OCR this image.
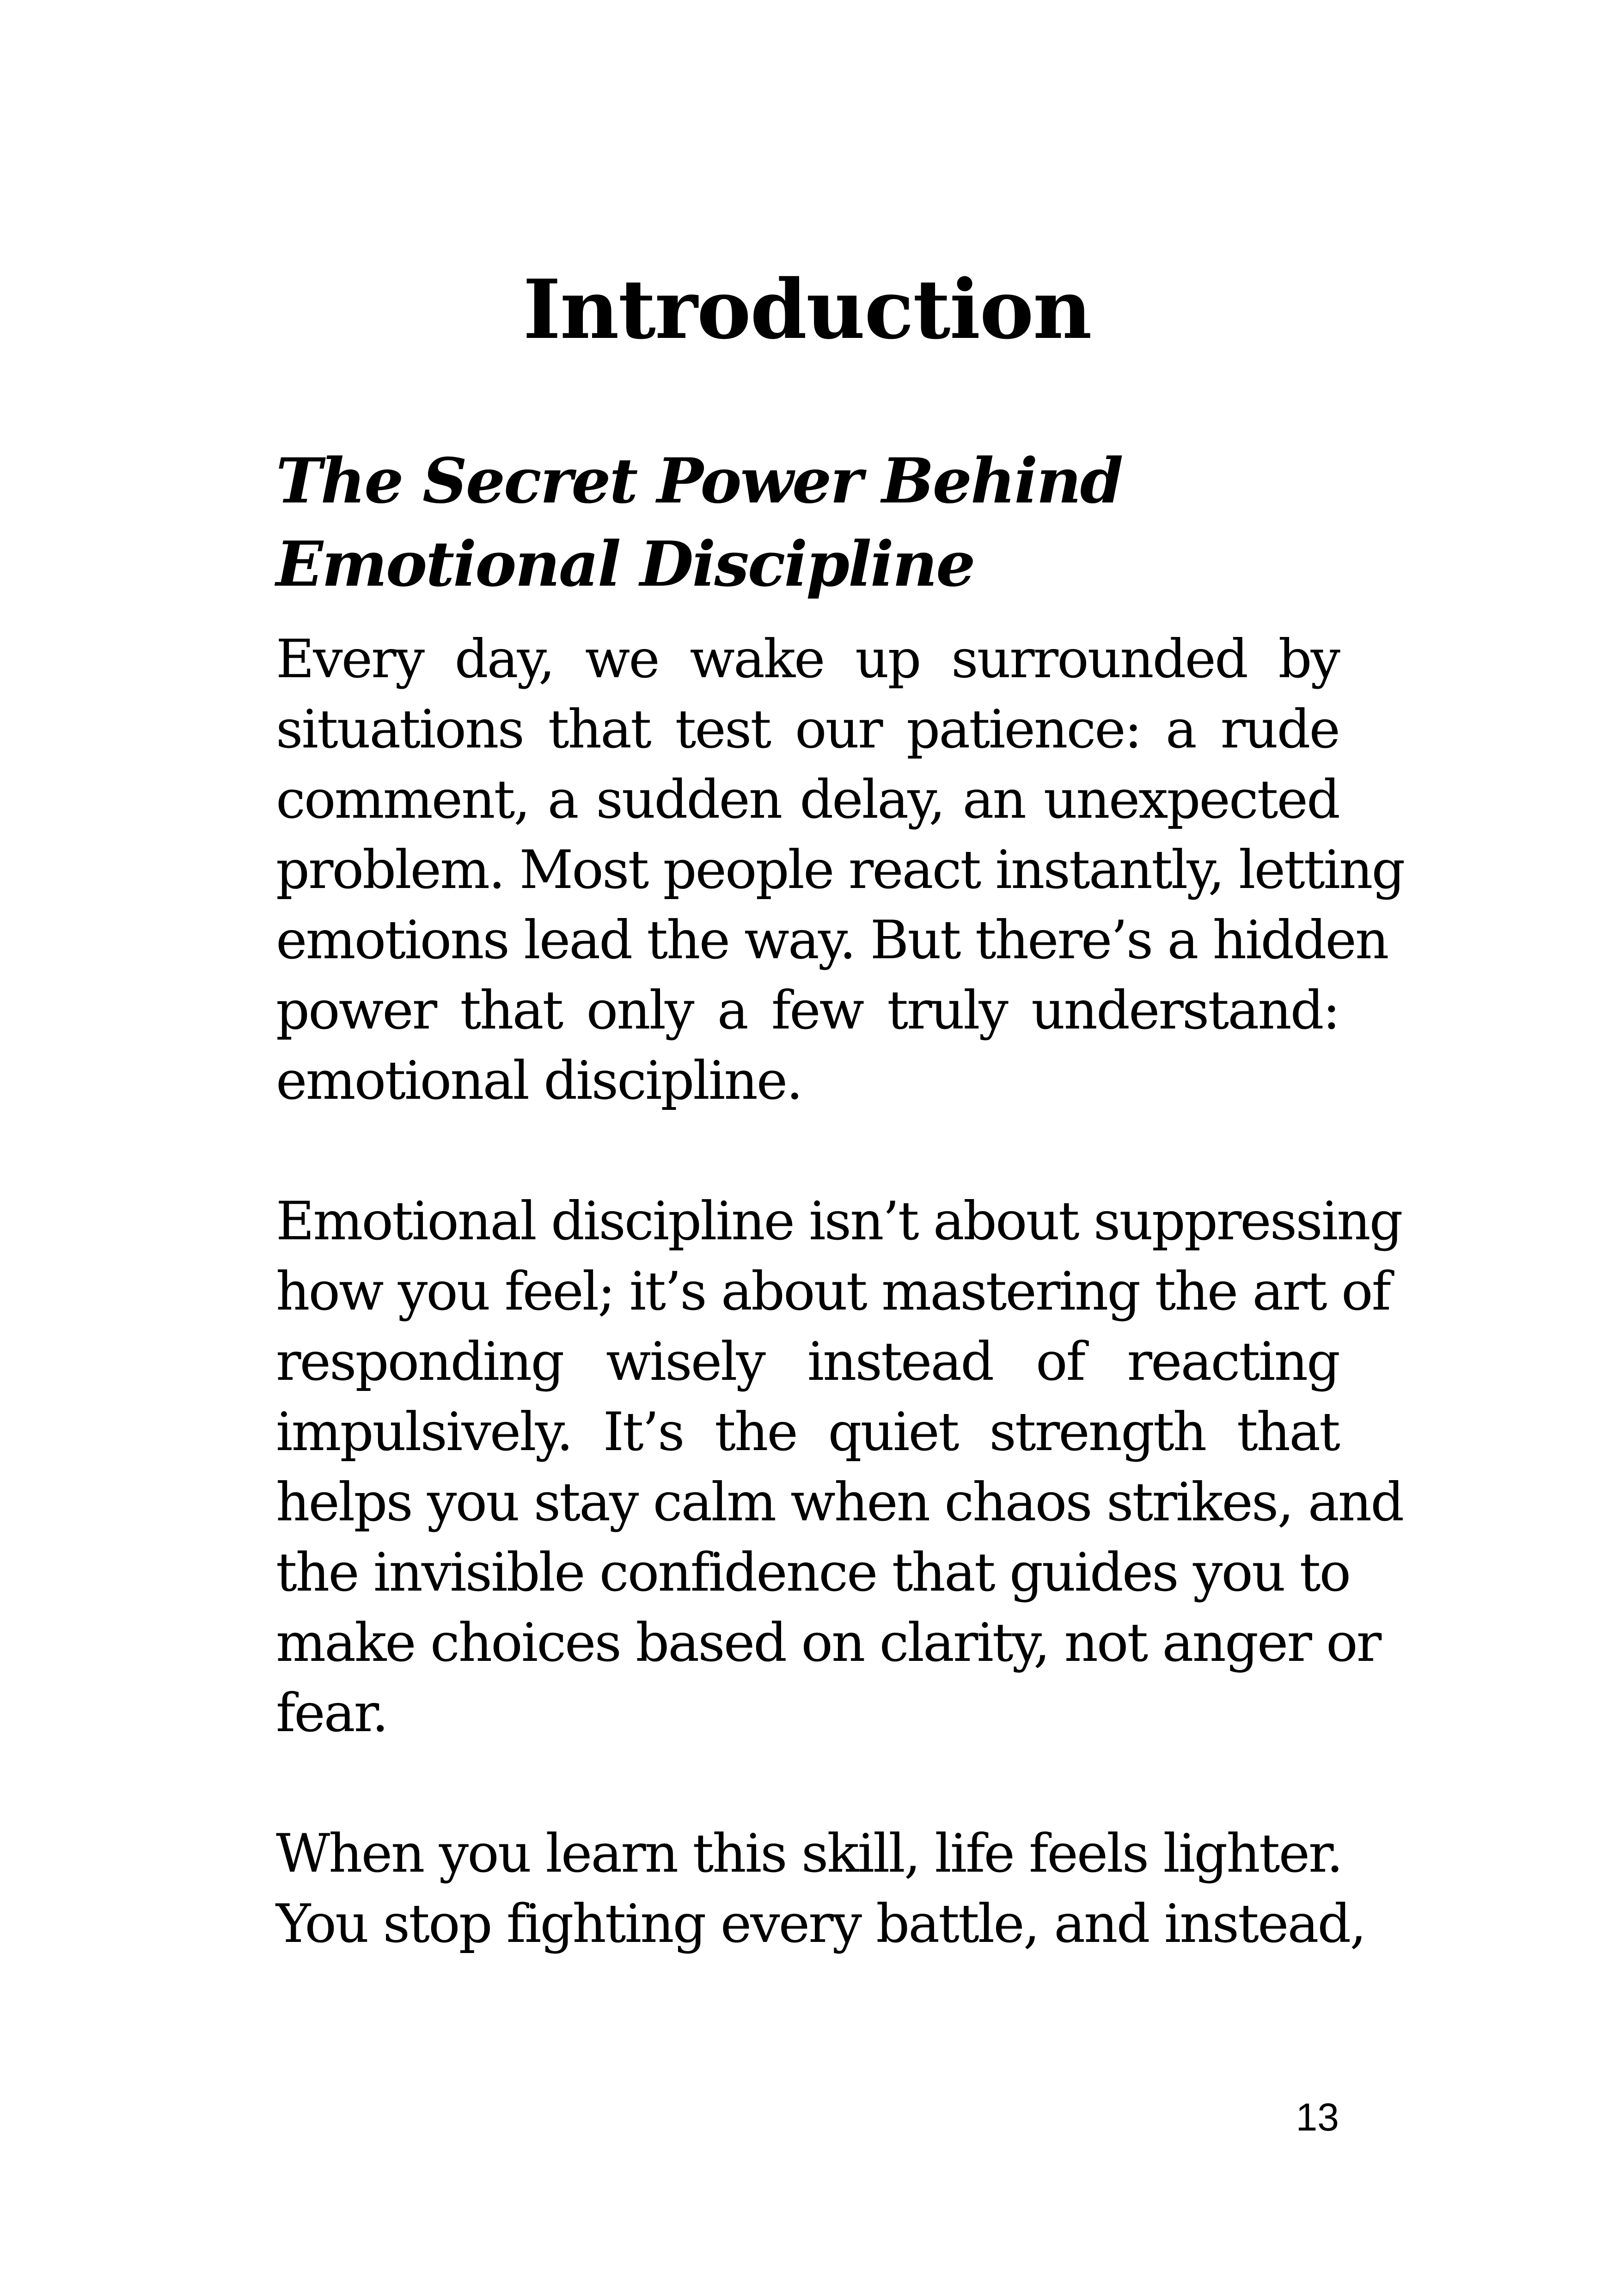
Introduction
The Secret Power Behind
Emotional Discipline

Every day, we wake up surrounded by
situations that test our patience: a rude
comment, a sudden delay, an unexpected
problem. Most people react instantly, letting
emotions lead the way. But there’s a hidden
power that only a few truly understand:
emotional discipline.

Emotional discipline isn’t about suppressing
how you feel; it’s about mastering the art of
responding wisely instead of reacting
impulsively. It’s the quiet strength that
helps you stay calm when chaos strikes, and
the invisible confidence that guides you to
make choices based on clarity, not anger or
fear.

When you learn this skill, life feels lighter.
You stop fighting every battle, and instead,

13
